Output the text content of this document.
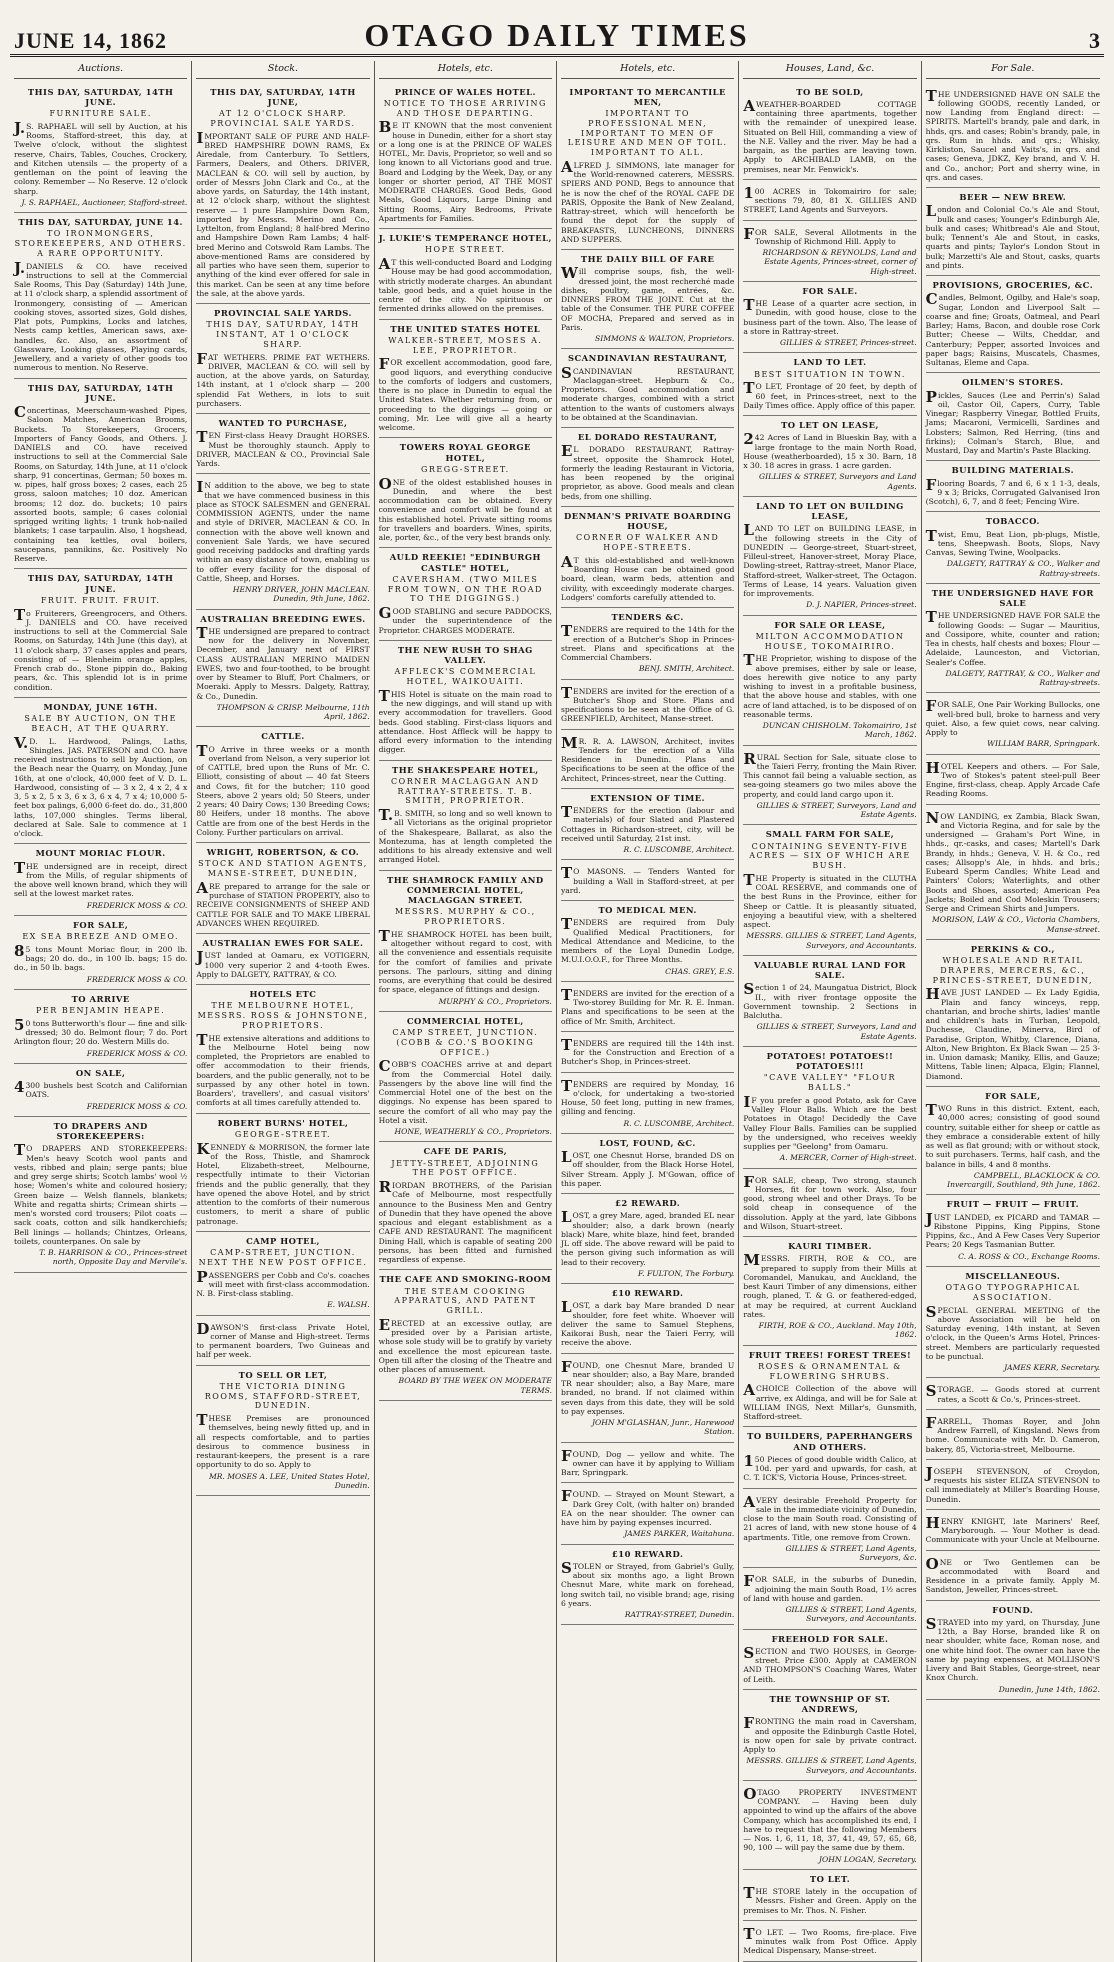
JUNE 14, 1862	OTAGO DAILY TIMES	3
Auctions.
THIS DAY, SATURDAY, 14TH JUNE.
FURNITURE SALE.
J.S. RAPHAEL will sell by Auction, at his Rooms, Stafford-street, this day, at Twelve o'clock, without the slightest reserve, Chairs, Tables, Couches, Crockery, and Kitchen utensils — the property of a gentleman on the point of leaving the colony. Remember — No Reserve. 12 o'clock sharp.
J. S. RAPHAEL, Auctioneer, Stafford-street.
THIS DAY, SATURDAY, JUNE 14.
TO IRONMONGERS, STOREKEEPERS, AND OTHERS. A RARE OPPORTUNITY.
J.DANIELS & CO. have received instructions to sell at the Commercial Sale Rooms, This Day (Saturday) 14th June, at 11 o'clock sharp, a splendid assortment of Ironmongery, consisting of — American cooking stoves, assorted sizes, Gold dishes, Plat pots, Pumpkins, Locks and latches, Nests camp kettles, American saws, axe-handles, &c. Also, an assortment of Glassware, Looking glasses, Playing cards, Jewellery, and a variety of other goods too numerous to mention. No Reserve.
THIS DAY, SATURDAY, 14TH JUNE.
Concertinas, Meerschaum-washed Pipes, Saloon Matches, American Brooms, Buckets. To Storekeepers, Grocers, Importers of Fancy Goods, and Others. J. DANIELS and CO. have received instructions to sell at the Commercial Sale Rooms, on Saturday, 14th June, at 11 o'clock sharp, 91 concertinas, German; 50 boxes m. w. pipes, half gross boxes; 2 cases, each 25 gross, saloon matches; 10 doz. American brooms; 12 doz. do. buckets; 10 pairs assorted boots, sample; 6 cases colonial sprigged writing lights; 1 trunk hob-nailed blankets; 1 case tarpaulin. Also, 1 hogshead, containing tea kettles, oval boilers, saucepans, pannikins, &c. Positively No Reserve.
THIS DAY, SATURDAY, 14TH JUNE.
FRUIT. FRUIT. FRUIT.
To Fruiterers, Greengrocers, and Others. J. DANIELS and CO. have received instructions to sell at the Commercial Sale Rooms, on Saturday, 14th June (this day), at 11 o'clock sharp, 37 cases apples and pears, consisting of — Blenheim orange apples, French crab do., Stone pippin do., Baking pears, &c. This splendid lot is in prime condition.
MONDAY, JUNE 16TH.
SALE BY AUCTION, ON THE BEACH, AT THE QUARRY.
V.D. L. Hardwood, Palings, Laths, Shingles. JAS. PATERSON and CO. have received instructions to sell by Auction, on the Beach near the Quarry, on Monday, June 16th, at one o'clock, 40,000 feet of V. D. L. Hardwood, consisting of — 3 x 2, 4 x 2, 4 x 3, 5 x 2, 5 x 3, 6 x 3, 6 x 4, 7 x 4; 10,000 5-feet box palings, 6,000 6-feet do. do., 31,800 laths, 107,000 shingles. Terms liberal, declared at Sale. Sale to commence at 1 o'clock.
MOUNT MORIAC FLOUR.
THE undersigned are in receipt, direct from the Mills, of regular shipments of the above well known brand, which they will sell at the lowest market rates.
FREDERICK MOSS & CO.
FOR SALE,
EX SEA BREEZE AND OMEO.
85 tons Mount Moriac flour, in 200 lb. bags; 20 do. do., in 100 lb. bags; 15 do. do., in 50 lb. bags.
FREDERICK MOSS & CO.
TO ARRIVE
PER BENJAMIN HEAPE.
50 tons Butterworth's flour — fine and silk-dressed; 30 do. Belmont flour; 7 do. Port Arlington flour; 20 do. Western Mills do.
FREDERICK MOSS & CO.
ON SALE,
4300 bushels best Scotch and Californian OATS.
FREDERICK MOSS & CO.
TO DRAPERS AND STOREKEEPERS:
TO DRAPERS AND STOREKEEPERS: Men's heavy Scotch wool pants and vests, ribbed and plain; serge pants; blue and grey serge shirts; Scotch lambs' wool ½ hose; Women's white and coloured hosiery; Green baize — Welsh flannels, blankets; White and regatta shirts; Crimean shirts — men's worsted cord trousers; Pilot coats — sack coats, cotton and silk handkerchiefs; Bell linings — hollands; Chintzes, Orleans, toilets, counterpanes. On sale by
T. B. HARRISON & CO., Princes-street north, Opposite Day and Mervile's.
Stock.
THIS DAY, SATURDAY, 14TH JUNE,
AT 12 O'CLOCK SHARP. PROVINCIAL SALE YARDS.
IMPORTANT SALE OF PURE AND HALF-BRED HAMPSHIRE DOWN RAMS, Ex Airedale, from Canterbury. To Settlers, Farmers, Dealers, and Others. DRIVER, MACLEAN & CO. will sell by auction, by order of Messrs John Clark and Co., at the above yards, on Saturday, the 14th instant, at 12 o'clock sharp, without the slightest reserve — 1 pure Hampshire Down Ram, imported by Messrs. Merino and Co., Lyttelton, from England; 8 half-bred Merino and Hampshire Down Ram Lambs; 4 half-bred Merino and Cotswold Ram Lambs. The above-mentioned Rams are considered by all parties who have seen them, superior to anything of the kind ever offered for sale in this market. Can be seen at any time before the sale, at the above yards.
PROVINCIAL SALE YARDS.
THIS DAY, SATURDAY, 14TH INSTANT, AT 1 O'CLOCK SHARP.
FAT WETHERS. PRIME FAT WETHERS. DRIVER, MACLEAN & CO. will sell by auction, at the above yards, on Saturday, 14th instant, at 1 o'clock sharp — 200 splendid Fat Wethers, in lots to suit purchasers.
WANTED TO PURCHASE,
TEN First-class Heavy Draught HORSES. Must be thoroughly staunch. Apply to DRIVER, MACLEAN & CO., Provincial Sale Yards.
IN addition to the above, we beg to state that we have commenced business in this place as STOCK SALESMEN and GENERAL COMMISSION AGENTS, under the name and style of DRIVER, MACLEAN & CO. In connection with the above well known and convenient Sale Yards, we have secured good receiving paddocks and drafting yards within an easy distance of town, enabling us to offer every facility for the disposal of Cattle, Sheep, and Horses.
HENRY DRIVER, JOHN MACLEAN. Dunedin, 9th June, 1862.
AUSTRALIAN BREEDING EWES.
THE undersigned are prepared to contract now for the delivery in November, December, and January next of FIRST CLASS AUSTRALIAN MERINO MAIDEN EWES, two and four-toothed, to be brought over by Steamer to Bluff, Port Chalmers, or Moeraki. Apply to Messrs. Dalgety, Rattray, & Co., Dunedin.
THOMPSON & CRISP. Melbourne, 11th April, 1862.
CATTLE.
TO Arrive in three weeks or a month overland from Nelson, a very superior lot of CATTLE, bred upon the Runs of Mr. C. Elliott, consisting of about — 40 fat Steers and Cows, fit for the butcher; 110 good Steers, above 2 years old; 50 Steers, under 2 years; 40 Dairy Cows; 130 Breeding Cows; 80 Heifers, under 18 months. The above Cattle are from one of the best Herds in the Colony. Further particulars on arrival.
WRIGHT, ROBERTSON, & CO.
STOCK AND STATION AGENTS, MANSE-STREET, DUNEDIN,
ARE prepared to arrange for the sale or purchase of STATION PROPERTY, also to RECEIVE CONSIGNMENTS of SHEEP AND CATTLE FOR SALE and TO MAKE LIBERAL ADVANCES WHEN REQUIRED.
AUSTRALIAN EWES FOR SALE.
JUST landed at Oamaru, ex VOTIGERN, 1000 very superior 2 and 4-tooth Ewes. Apply to DALGETY, RATTRAY, & CO.
HOTELS ETC
THE MELBOURNE HOTEL, MESSRS. ROSS & JOHNSTONE, PROPRIETORS.
THE extensive alterations and additions to the Melbourne Hotel being now completed, the Proprietors are enabled to offer accommodation to their friends, boarders, and the public generally, not to be surpassed by any other hotel in town. Boarders', travellers', and casual visitors' comforts at all times carefully attended to.
ROBERT BURNS' HOTEL,
GEORGE-STREET.
KENNEDY & MORRISON, the former late of the Ross, Thistle, and Shamrock Hotel, Elizabeth-street, Melbourne, respectfully intimate to their Victorian friends and the public generally, that they have opened the above Hotel, and by strict attention to the comforts of their numerous customers, to merit a share of public patronage.
CAMP HOTEL,
CAMP-STREET, JUNCTION. NEXT THE NEW POST OFFICE.
PASSENGERS per Cobb and Co's. coaches will meet with first-class accommodation. N. B. First-class stabling.
E. WALSH.
DAWSON'S first-class Private Hotel, corner of Manse and High-street. Terms to permanent boarders, Two Guineas and half per week.
TO SELL OR LET,
THE VICTORIA DINING ROOMS, STAFFORD-STREET, DUNEDIN.
THESE Premises are pronounced themselves, being newly fitted up, and in all respects comfortable, and to parties desirous to commence business in restaurant-keepers, the present is a rare opportunity to do so. Apply to
MR. MOSES A. LEE, United States Hotel, Dunedin.
Hotels, etc.
PRINCE OF WALES HOTEL.
NOTICE TO THOSE ARRIVING AND THOSE DEPARTING.
BE IT KNOWN that the most convenient house in Dunedin, either for a short stay or a long one is at the PRINCE OF WALES HOTEL, Mr. Davis, Proprietor, so well and so long known to all Victorians good and true. Board and Lodging by the Week, Day, or any longer or shorter period, AT THE MOST MODERATE CHARGES. Good Beds, Good Meals, Good Liquors, Large Dining and Sitting Rooms, Airy Bedrooms, Private Apartments for Families.
J. LUKIE'S TEMPERANCE HOTEL,
HOPE STREET.
AT this well-conducted Board and Lodging House may be had good accommodation, with strictly moderate charges. An abundant table, good beds, and a quiet house in the centre of the city. No spirituous or fermented drinks allowed on the premises.
THE UNITED STATES HOTEL
WALKER-STREET, MOSES A. LEE, PROPRIETOR.
FOR excellent accommodation, good fare, good liquors, and everything conducive to the comforts of lodgers and customers, there is no place in Dunedin to equal the United States. Whether returning from, or proceeding to the diggings — going or coming, Mr. Lee will give all a hearty welcome.
TOWERS ROYAL GEORGE HOTEL,
GREGG-STREET.
ONE of the oldest established houses in Dunedin, and where the best accommodation can be obtained. Every convenience and comfort will be found at this established hotel. Private sitting rooms for travellers and boarders. Wines, spirits, ale, porter, &c., of the very best brands only.
AULD REEKIE! "EDINBURGH CASTLE" HOTEL,
CAVERSHAM. (TWO MILES FROM TOWN, ON THE ROAD TO THE DIGGINGS.)
GOOD STABLING and secure PADDOCKS, under the superintendence of the Proprietor. CHARGES MODERATE.
THE NEW RUSH TO SHAG VALLEY.
AFFLECK'S COMMERCIAL HOTEL, WAIKOUAITI.
THIS Hotel is situate on the main road to the new diggings, and will stand up with every accommodation for travellers. Good beds. Good stabling. First-class liquors and attendance. Host Affleck will be happy to afford every information to the intending digger.
THE SHAKESPEARE HOTEL,
CORNER MACLAGGAN AND RATTRAY-STREETS. T. B. SMITH, PROPRIETOR.
T.B. SMITH, so long and so well known to all Victorians as the original proprietor of the Shakespeare, Ballarat, as also the Montezuma, has at length completed the additions to his already extensive and well arranged Hotel.
THE SHAMROCK FAMILY AND COMMERCIAL HOTEL, MACLAGGAN STREET.
MESSRS. MURPHY & CO., PROPRIETORS.
THE SHAMROCK HOTEL has been built, altogether without regard to cost, with all the convenience and essentials requisite for the comfort of families and private persons. The parlours, sitting and dining rooms, are everything that could be desired for space, elegance of fittings and design.
MURPHY & CO., Proprietors.
COMMERCIAL HOTEL,
CAMP STREET, JUNCTION. (COBB & CO.'S BOOKING OFFICE.)
COBB'S COACHES arrive at and depart from the Commercial Hotel daily. Passengers by the above line will find the Commercial Hotel one of the best on the diggings. No expense has been spared to secure the comfort of all who may pay the Hotel a visit.
HONE, WEATHERLY & CO., Proprietors.
CAFE DE PARIS,
JETTY-STREET, ADJOINING THE POST OFFICE.
RIORDAN BROTHERS, of the Parisian Cafe of Melbourne, most respectfully announce to the Business Men and Gentry of Dunedin that they have opened the above spacious and elegant establishment as a CAFE AND RESTAURANT. The magnificent Dining Hall, which is capable of seating 200 persons, has been fitted and furnished regardless of expense.
THE CAFE AND SMOKING-ROOM
THE STEAM COOKING APPARATUS, AND PATENT GRILL.
ERECTED at an excessive outlay, are presided over by a Parisian artiste, whose sole study will be to gratify by variety and excellence the most epicurean taste. Open till after the closing of the Theatre and other places of amusement.
BOARD BY THE WEEK ON MODERATE TERMS.
Hotels, etc.
IMPORTANT TO MERCANTILE MEN,
IMPORTANT TO PROFESSIONAL MEN, IMPORTANT TO MEN OF LEISURE AND MEN OF TOIL. IMPORTANT TO ALL.
ALFRED J. SIMMONS, late manager for the World-renowned caterers, MESSRS. SPIERS AND POND, Begs to announce that he is now the chef of the ROYAL CAFE DE PARIS, Opposite the Bank of New Zealand, Rattray-street, which will henceforth be found the depot for the supply of BREAKFASTS, LUNCHEONS, DINNERS AND SUPPERS.
THE DAILY BILL OF FARE
Will comprise soups, fish, the well-dressed joint, the most recherché made dishes, poultry, game, entrées, &c. DINNERS FROM THE JOINT. Cut at the table of the Consumer. THE PURE COFFEE OF MOCHA, Prepared and served as in Paris.
SIMMONS & WALTON, Proprietors.
SCANDINAVIAN RESTAURANT,
SCANDINAVIAN RESTAURANT, Maclaggan-street. Hepburn & Co., Proprietors. Good accommodation and moderate charges, combined with a strict attention to the wants of customers always to be obtained at the Scandinavian.
EL DORADO RESTAURANT,
EL DORADO RESTAURANT, Rattray-street, opposite the Shamrock Hotel, formerly the leading Restaurant in Victoria, has been reopened by the original proprietor, as above. Good meals and clean beds, from one shilling.
DENMAN'S PRIVATE BOARDING HOUSE,
CORNER OF WALKER AND HOPE-STREETS.
AT this old-established and well-known Boarding House can be obtained good board, clean, warm beds, attention and civility, with exceedingly moderate charges. Lodgers' comforts carefully attended to.
TENDERS &C.
TENDERS are required to the 14th for the erection of a Butcher's Shop in Princes-street. Plans and specifications at the Commercial Chambers.
BENJ. SMITH, Architect.
TENDERS are invited for the erection of a Butcher's Shop and Store. Plans and specifications to be seen at the Office of G. GREENFIELD, Architect, Manse-street.
MR. R. A. LAWSON, Architect, invites Tenders for the erection of a Villa Residence in Dunedin. Plans and Specifications to be seen at the office of the Architect, Princes-street, near the Cutting.
EXTENSION OF TIME.
TENDERS for the erection (labour and materials) of four Slated and Plastered Cottages in Richardson-street, city, will be received until Saturday, 21st inst.
R. C. LUSCOMBE, Architect.
TO MASONS. — Tenders Wanted for building a Wall in Stafford-street, at per yard.
TO MEDICAL MEN.
TENDERS are required from Duly Qualified Medical Practitioners, for Medical Attendance and Medicine, to the members of the Loyal Dunedin Lodge, M.U.I.O.O.F., for Three Months.
CHAS. GREY, E.S.
TENDERS are invited for the erection of a Two-storey Building for Mr. R. E. Inman. Plans and specifications to be seen at the office of Mr. Smith, Architect.
TENDERS are required till the 14th inst. for the Construction and Erection of a Butcher's Shop, in Princes-street.
TENDERS are required by Monday, 16 o'clock, for undertaking a two-storied House, 50 feet long, putting in new frames, gilling and fencing.
R. C. LUSCOMBE, Architect.
LOST, FOUND, &C.
LOST, one Chesnut Horse, branded DS on off shoulder, from the Black Horse Hotel, Silver Stream. Apply J. M'Gowan, office of this paper.
£2 REWARD.
LOST, a grey Mare, aged, branded EL near shoulder; also, a dark brown (nearly black) Mare, white blaze, hind feet, branded JL off side. The above reward will be paid to the person giving such information as will lead to their recovery.
F. FULTON, The Forbury.
£10 REWARD.
LOST, a dark bay Mare branded D near shoulder, fore feet white. Whoever will deliver the same to Samuel Stephens, Kaikorai Bush, near the Taieri Ferry, will receive the above.
FOUND, one Chesnut Mare, branded U near shoulder; also, a Bay Mare, branded TR near shoulder; also, a Bay Mare, mare branded, no brand. If not claimed within seven days from this date, they will be sold to pay expenses.
JOHN M'GLASHAN, Junr., Harewood Station.
FOUND, Dog — yellow and white. The owner can have it by applying to William Barr, Springpark.
FOUND. — Strayed on Mount Stewart, a Dark Grey Colt, (with halter on) branded EA on the near shoulder. The owner can have him by paying expenses incurred.
JAMES PARKER, Waitahuna.
£10 REWARD.
STOLEN or Strayed, from Gabriel's Gully, about six months ago, a light Brown Chesnut Mare, white mark on forehead, long switch tail, no visible brand; age, rising 6 years.
RATTRAY-STREET, Dunedin.
Houses, Land, &c.
TO BE SOLD,
AWEATHER-BOARDED COTTAGE containing three apartments, together with the remainder of unexpired lease. Situated on Bell Hill, commanding a view of the N.E. Valley and the river. May be had a bargain, as the parties are leaving town. Apply to ARCHIBALD LAMB, on the premises, near Mr. Fenwick's.
100 ACRES in Tokomairiro for sale; sections 79, 80, 81 X. GILLIES AND STREET, Land Agents and Surveyors.
FOR SALE, Several Allotments in the Township of Richmond Hill. Apply to
RICHARDSON & REYNOLDS, Land and Estate Agents, Princes-street, corner of High-street.
FOR SALE.
THE Lease of a quarter acre section, in Dunedin, with good house, close to the business part of the town. Also, The lease of a store in Rattray-street.
GILLIES & STREET, Princes-street.
LAND TO LET.
BEST SITUATION IN TOWN.
TO LET, Frontage of 20 feet, by depth of 60 feet, in Princes-street, next to the Daily Times office. Apply office of this paper.
TO LET ON LEASE,
242 Acres of Land in Blueskin Bay, with a large frontage to the main North Road, House (weatherboarded), 15 x 30. Barn, 18 x 30. 18 acres in grass. 1 acre garden.
GILLIES & STREET, Surveyors and Land Agents.
LAND TO LET ON BUILDING LEASE,
LAND TO LET on BUILDING LEASE, in the following streets in the City of DUNEDIN — George-street, Stuart-street, Filleul-street, Hanover-street, Moray Place, Dowling-street, Rattray-street, Manor Place, Stafford-street, Walker-street, The Octagon. Terms of Lease, 14 years. Valuation given for improvements.
D. J. NAPIER, Princes-street.
FOR SALE OR LEASE,
MILTON ACCOMMODATION HOUSE, TOKOMAIRIRO.
THE Proprietor, wishing to dispose of the above premises, either by sale or lease, does herewith give notice to any party wishing to invest in a profitable business, that the above house and stables, with one acre of land attached, is to be disposed of on reasonable terms.
DUNCAN CHISHOLM. Tokomairiro, 1st March, 1862.
RURAL Section for Sale, situate close to the Taieri Ferry, fronting the Main River. This cannot fail being a valuable section, as sea-going steamers go two miles above the property, and could land cargo upon it.
GILLIES & STREET, Surveyors, Land and Estate Agents.
SMALL FARM FOR SALE,
CONTAINING SEVENTY-FIVE ACRES — SIX OF WHICH ARE BUSH.
THE Property is situated in the CLUTHA COAL RESERVE, and commands one of the best Runs in the Province, either for Sheep or Cattle. It is pleasantly situated, enjoying a beautiful view, with a sheltered aspect.
MESSRS. GILLIES & STREET, Land Agents, Surveyors, and Accountants.
VALUABLE RURAL LAND FOR SALE.
Section 1 of 24, Maungatua District, Block II., with river frontage opposite the Government township. 2 Sections in Balclutha.
GILLIES & STREET, Surveyors, Land and Estate Agents.
POTATOES! POTATOES!! POTATOES!!!
"CAVE VALLEY" "FLOUR BALLS."
IF you prefer a good Potato, ask for Cave Valley Flour Balls. Which are the best Potatoes in Otago! Decidedly the Cave Valley Flour Balls. Families can be supplied by the undersigned, who receives weekly supplies per "Geelong" from Oamaru.
A. MERCER, Corner of High-street.
FOR SALE, cheap, Two strong, staunch Horses, fit for town work. Also, four good, strong wheel and other Drays. To be sold cheap in consequence of the dissolution. Apply at the yard, late Gibbons and Wilson, Stuart-street.
KAURI TIMBER.
MESSRS. FIRTH, ROE & CO., are prepared to supply from their Mills at Coromandel, Manukau, and Auckland, the best Kauri Timber of any dimensions, either rough, planed, T. & G. or feathered-edged, at may be required, at current Auckland rates.
FIRTH, ROE & CO., Auckland. May 10th, 1862.
FRUIT TREES! FOREST TREES!
ROSES & ORNAMENTAL & FLOWERING SHRUBS.
ACHOICE Collection of the above will arrive, ex Aldinga, and will be for Sale at WILLIAM INGS, Next Millar's, Gunsmith, Stafford-street.
TO BUILDERS, PAPERHANGERS AND OTHERS.
150 Pieces of good double width Calico, at 10d. per yard and upwards, for cash, at C. T. ICK'S, Victoria House, Princes-street.
AVERY desirable Freehold Property for sale in the immediate vicinity of Dunedin, close to the main South road. Consisting of 21 acres of land, with new stone house of 4 apartments. Title, one remove from Crown.
GILLIES & STREET, Land Agents, Surveyors, &c.
FOR SALE, in the suburbs of Dunedin, adjoining the main South Road, 1½ acres of land with house and garden.
GILLIES & STREET, Land Agents, Surveyors, and Accountants.
FREEHOLD FOR SALE.
SECTION and TWO HOUSES, in George-street. Price £300. Apply at CAMERON AND THOMPSON'S Coaching Wares, Water of Leith.
THE TOWNSHIP OF ST. ANDREWS,
FRONTING the main road in Caversham, and opposite the Edinburgh Castle Hotel, is now open for sale by private contract. Apply to
MESSRS. GILLIES & STREET, Land Agents, Surveyors, and Accountants.
OTAGO PROPERTY INVESTMENT COMPANY. — Having been duly appointed to wind up the affairs of the above Company, which has accomplished its end, I have to request that the following Members — Nos. 1, 6, 11, 18, 37, 41, 49, 57, 65, 68, 90, 100 — will pay the same due by them.
JOHN LOGAN, Secretary.
TO LET.
THE STORE lately in the occupation of Messrs. Fisher and Green. Apply on the premises to Mr. Thos. N. Fisher.
TO LET. — Two Rooms, fire-place. Five minutes walk from Post Office. Apply Medical Dispensary, Manse-street.
For Sale.
THE UNDERSIGNED HAVE ON SALE the following GOODS, recently Landed, or now Landing from England direct: — SPIRITS. Martell's brandy, pale and dark, in hhds, qrs. and cases; Robin's brandy, pale, in qrs. Rum in hhds. and qrs.; Whisky, Kirkliston, Saucel and Vaits's, in qrs. and cases; Geneva, JDKZ, Key brand, and V. H. and Co., anchor; Port and sherry wine, in qrs. and cases.
BEER — NEW BREW.
London and Colonial Co.'s Ale and Stout, bulk and cases; Younger's Edinburgh Ale, bulk and cases; Whitbread's Ale and Stout, bulk; Tennent's Ale and Stout, in casks, quarts and pints; Taylor's London Stout in bulk; Marzetti's Ale and Stout, casks, quarts and pints.
PROVISIONS, GROCERIES, &C.
Candles, Belmont, Ogilby, and Hale's soap, Sugar, London and Liverpool Salt — coarse and fine; Groats, Oatmeal, and Pearl Barley; Hams, Bacon, and double rose Cork Butter; Cheese — Wilts, Cheddar, and Canterbury; Pepper, assorted Invoices and paper bags; Raisins, Muscatels, Chasmes, Sultanas, Eleme and Capa.
OILMEN'S STORES.
Pickles, Sauces (Lee and Perrin's) Salad oil, Castor Oil, Capers, Curry, Table Vinegar; Raspberry Vinegar, Bottled Fruits, Jams; Macaroni, Vermicelli, Sardines and Lobsters; Salmon, Red Herring, (tins and firkins); Colman's Starch, Blue, and Mustard, Day and Martin's Paste Blacking.
BUILDING MATERIALS.
Flooring Boards, 7 and 6, 6 x 1 1-3, deals, 9 x 3; Bricks, Corrugated Galvanised Iron (Scotch), 6, 7, and 8 feet; Fencing Wire.
TOBACCO.
Twist, Emu, Beat Lion, pb-plugs, Mistle, tens, Sheepwash. Boots, Slops, Navy Canvas, Sewing Twine, Woolpacks.
DALGETY, RATTRAY & CO., Walker and Rattray-streets.
THE UNDERSIGNED HAVE FOR SALE
THE UNDERSIGNED HAVE FOR SALE the following Goods: — Sugar — Mauritius, and Cossipore, white, counter and ration; Tea in chests, half chests and boxes; Flour — Adelaide, Launceston, and Victorian, Sealer's Coffee.
DALGETY, RATTRAY, & CO., Walker and Rattray-streets.
FOR SALE, One Pair Working Bullocks, one well-bred bull, broke to harness and very quiet. Also, a few quiet cows, near calving. Apply to
WILLIAM BARR, Springpark.
HOTEL Keepers and others. — For Sale, Two of Stokes's patent steel-pull Beer Engine, first-class, cheap. Apply Arcade Cafe Reading Rooms.
NOW LANDING, ex Zambia, Black Swan, and Victoria Regina, and for sale by the undersigned — Graham's Port Wine, in hhds., qr.-casks, and cases; Martell's Dark Brandy, in hhds.; Geneva, V. H. & Co., red cases; Allsopp's Ale, in hhds. and brls.; Eubeard Sperm Candles; White Lead and Painters' Colors; Waterlights, and other Boots and Shoes, assorted; American Pea Jackets; Boiled and Cod Moleskin Trousers; Serge and Crimean Shirts and Jumpers.
MORISON, LAW & CO., Victoria Chambers, Manse-street.
PERKINS & CO.,
WHOLESALE AND RETAIL DRAPERS, MERCERS, &C., PRINCES-STREET, DUNEDIN,
HAVE JUST LANDED — Ex Lady Egidia, Plain and fancy winceys, repp, chantarian, and broche shirts, ladies' mantle and children's hats in Turban, Leopold, Duchesse, Claudine, Minerva, Bird of Paradise, Gripton, Whitby, Clarence, Diana, Alton, New Brighton. Ex Black Swan — 25 3-in. Union damask; Maniky, Ellis, and Gauze; Mittens, Table linen; Alpaca, Elgin; Flannel, Diamond.
FOR SALE,
TWO Runs in this district. Extent, each, 40,000 acres; consisting of good sound country, suitable either for sheep or cattle as they embrace a considerable extent of hilly as well as flat ground; with or without stock, to suit purchasers. Terms, half cash, and the balance in bills, 4 and 8 months.
CAMPBELL, BLACKLOCK & CO. Invercargill, Southland, 9th June, 1862.
FRUIT — FRUIT — FRUIT.
JUST LANDED, ex PICARD and TAMAR — Ribstone Pippins, King Pippins, Stone Pippins, &c., And A Few Cases Very Superior Pears; 20 Kegs Tasmanian Butter.
C. A. ROSS & CO., Exchange Rooms.
MISCELLANEOUS.
OTAGO TYPOGRAPHICAL ASSOCIATION.
SPECIAL GENERAL MEETING of the above Association will be held on Saturday evening, 14th instant, at Seven o'clock, in the Queen's Arms Hotel, Princes-street. Members are particularly requested to be punctual.
JAMES KERR, Secretary.
STORAGE. — Goods stored at current rates, a Scott & Co.'s, Princes-street.
FARRELL, Thomas Royer, and John Andrew Farrell, of Kingsland. News from home. Communicate with Mr. D. Cameron, bakery, 85, Victoria-street, Melbourne.
JOSEPH STEVENSON, of Croydon, requests his sister ELIZA STEVENSON to call immediately at Miller's Boarding House, Dunedin.
HENRY KNIGHT, late Mariners' Reef, Maryborough. — Your Mother is dead. Communicate with your Uncle at Melbourne.
ONE or Two Gentlemen can be accommodated with Board and Residence in a private family. Apply M. Sandston, Jeweller, Princes-street.
FOUND.
STRAYED into my yard, on Thursday, June 12th, a Bay Horse, branded like R on near shoulder, white face, Roman nose, and one white hind foot. The owner can have the same by paying expenses, at MOLLISON'S Livery and Bait Stables, George-street, near Knox Church.
Dunedin, June 14th, 1862.
